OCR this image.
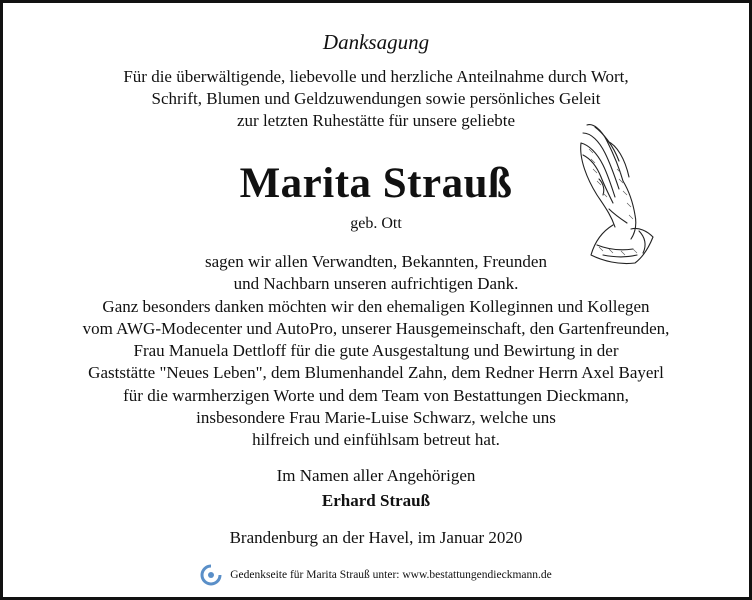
Danksagung
Für die überwältigende, liebevolle und herzliche Anteilnahme durch Wort,
Schrift, Blumen und Geldzuwendungen sowie persönliches Geleit
zur letzten Ruhestätte für unsere geliebte
Marita Strauß
geb. Ott
sagen wir allen Verwandten, Bekannten, Freunden
und Nachbarn unseren aufrichtigen Dank.
Ganz besonders danken möchten wir den ehemaligen Kolleginnen und Kollegen
vom AWG-Modecenter und AutoPro, unserer Hausgemeinschaft, den Gartenfreunden,
Frau Manuela Dettloff für die gute Ausgestaltung und Bewirtung in der
Gaststätte "Neues Leben", dem Blumenhandel Zahn, dem Redner Herrn Axel Bayerl
für die warmherzigen Worte und dem Team von Bestattungen Dieckmann,
insbesondere Frau Marie-Luise Schwarz, welche uns
hilfreich und einfühlsam betreut hat.
Im Namen aller Angehörigen
Erhard Strauß
Brandenburg an der Havel, im Januar 2020
Gedenkseite für Marita Strauß unter: www.bestattungendieckmann.de
